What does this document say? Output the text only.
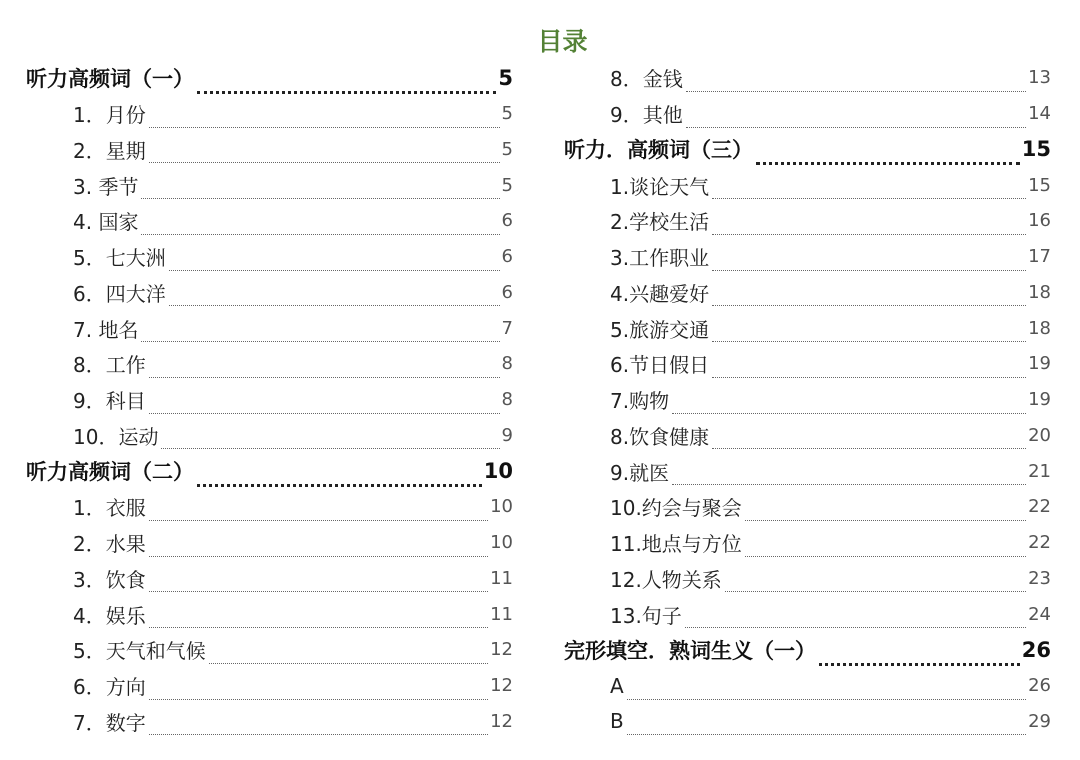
目录
听力高频词（一）	5
1．月份	5
2．星期	5
3. 季节	5
4. 国家	6
5．七大洲	6
6．四大洋	6
7. 地名	7
8．工作	8
9．科目	8
10．运动	9
听力高频词（二）	10
1．衣服	10
2．水果	10
3．饮食	11
4．娱乐	11
5．天气和气候	12
6．方向	12
7．数字	12
8．金钱	13
9．其他	14
听力．高频词（三）	15
1.谈论天气	15
2.学校生活	16
3.工作职业	17
4.兴趣爱好	18
5.旅游交通	18
6.节日假日	19
7.购物	19
8.饮食健康	20
9.就医	21
10.约会与聚会	22
11.地点与方位	22
12.人物关系	23
13.句子	24
完形填空．熟词生义（一）	26
A	26
B	29
